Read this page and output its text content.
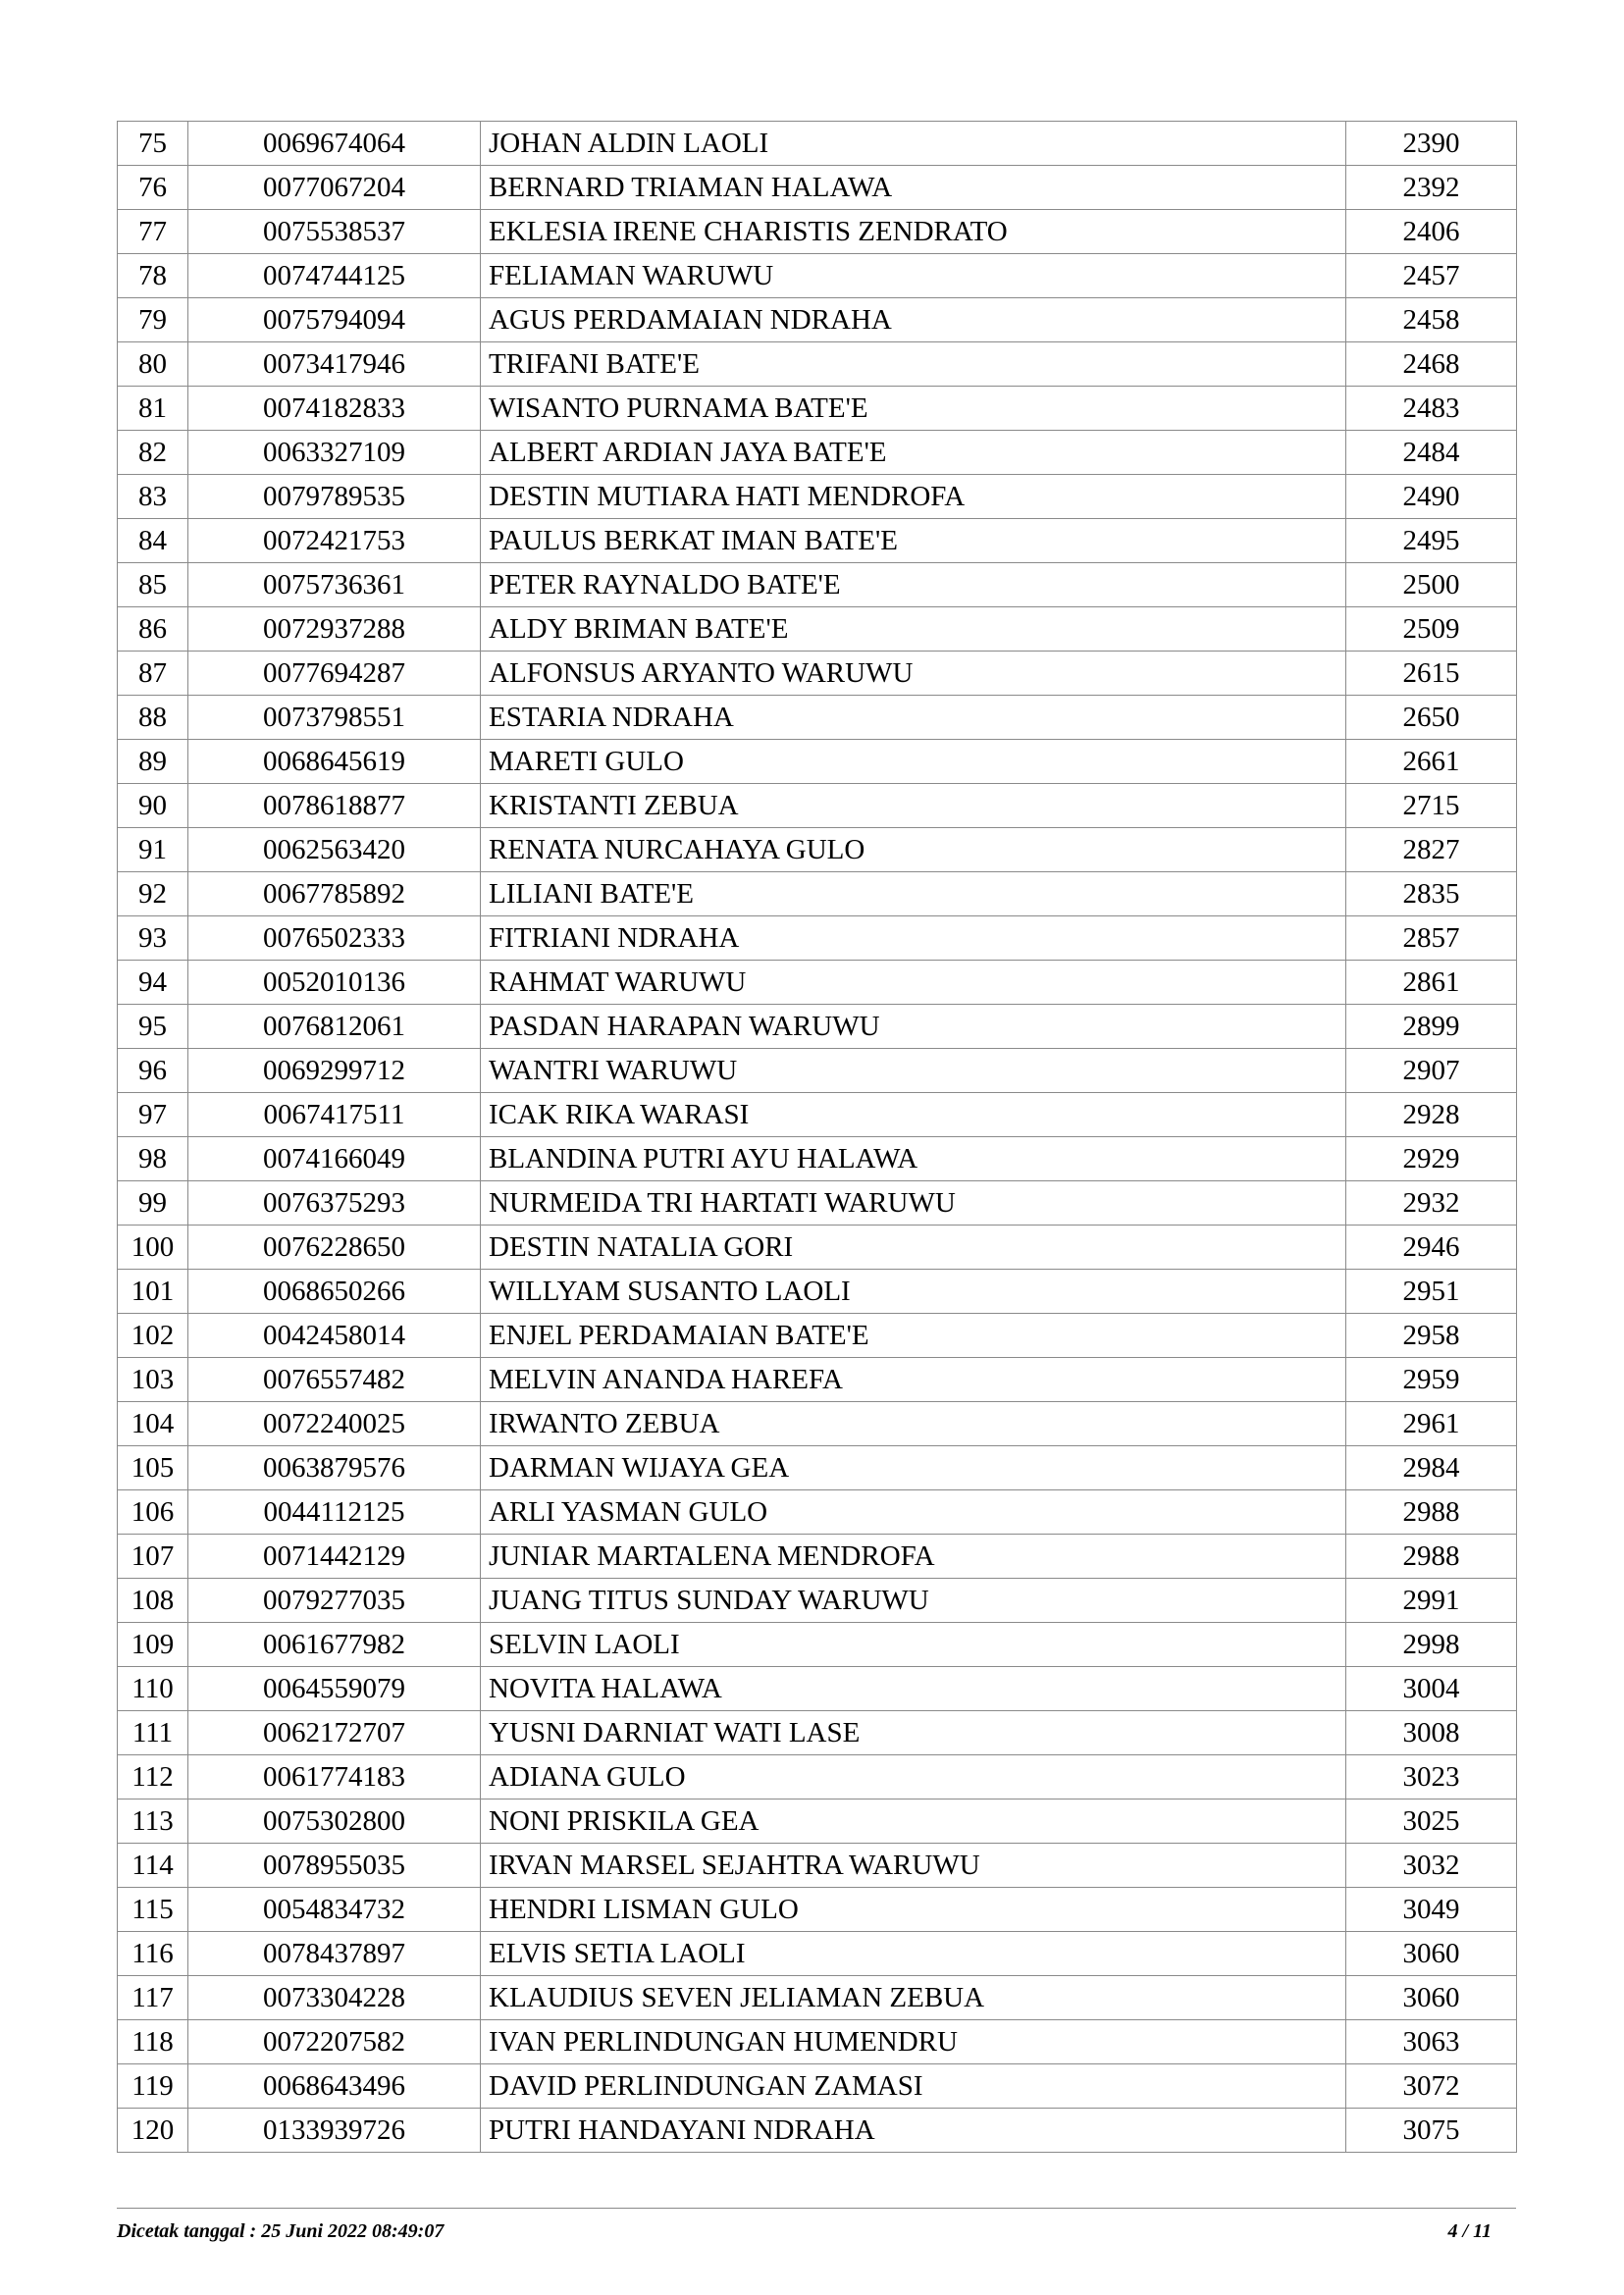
75	0069674064	JOHAN ALDIN LAOLI	2390
76	0077067204	BERNARD TRIAMAN HALAWA	2392
77	0075538537	EKLESIA IRENE CHARISTIS ZENDRATO	2406
78	0074744125	FELIAMAN WARUWU	2457
79	0075794094	AGUS PERDAMAIAN NDRAHA	2458
80	0073417946	TRIFANI BATE'E	2468
81	0074182833	WISANTO PURNAMA BATE'E	2483
82	0063327109	ALBERT ARDIAN JAYA BATE'E	2484
83	0079789535	DESTIN MUTIARA HATI MENDROFA	2490
84	0072421753	PAULUS BERKAT IMAN BATE'E	2495
85	0075736361	PETER RAYNALDO BATE'E	2500
86	0072937288	ALDY BRIMAN BATE'E	2509
87	0077694287	ALFONSUS ARYANTO WARUWU	2615
88	0073798551	ESTARIA NDRAHA	2650
89	0068645619	MARETI GULO	2661
90	0078618877	KRISTANTI ZEBUA	2715
91	0062563420	RENATA NURCAHAYA GULO	2827
92	0067785892	LILIANI BATE'E	2835
93	0076502333	FITRIANI NDRAHA	2857
94	0052010136	RAHMAT WARUWU	2861
95	0076812061	PASDAN HARAPAN WARUWU	2899
96	0069299712	WANTRI WARUWU	2907
97	0067417511	ICAK RIKA WARASI	2928
98	0074166049	BLANDINA PUTRI AYU HALAWA	2929
99	0076375293	NURMEIDA TRI HARTATI WARUWU	2932
100	0076228650	DESTIN NATALIA GORI	2946
101	0068650266	WILLYAM SUSANTO LAOLI	2951
102	0042458014	ENJEL PERDAMAIAN BATE'E	2958
103	0076557482	MELVIN ANANDA HAREFA	2959
104	0072240025	IRWANTO ZEBUA	2961
105	0063879576	DARMAN WIJAYA GEA	2984
106	0044112125	ARLI YASMAN GULO	2988
107	0071442129	JUNIAR MARTALENA MENDROFA	2988
108	0079277035	JUANG TITUS SUNDAY WARUWU	2991
109	0061677982	SELVIN LAOLI	2998
110	0064559079	NOVITA HALAWA	3004
111	0062172707	YUSNI DARNIAT WATI LASE	3008
112	0061774183	ADIANA GULO	3023
113	0075302800	NONI PRISKILA GEA	3025
114	0078955035	IRVAN MARSEL SEJAHTRA WARUWU	3032
115	0054834732	HENDRI LISMAN GULO	3049
116	0078437897	ELVIS SETIA LAOLI	3060
117	0073304228	KLAUDIUS SEVEN JELIAMAN ZEBUA	3060
118	0072207582	IVAN PERLINDUNGAN HUMENDRU	3063
119	0068643496	DAVID PERLINDUNGAN ZAMASI	3072
120	0133939726	PUTRI HANDAYANI NDRAHA	3075
Dicetak tanggal : 25 Juni 2022 08:49:07	4 / 11
